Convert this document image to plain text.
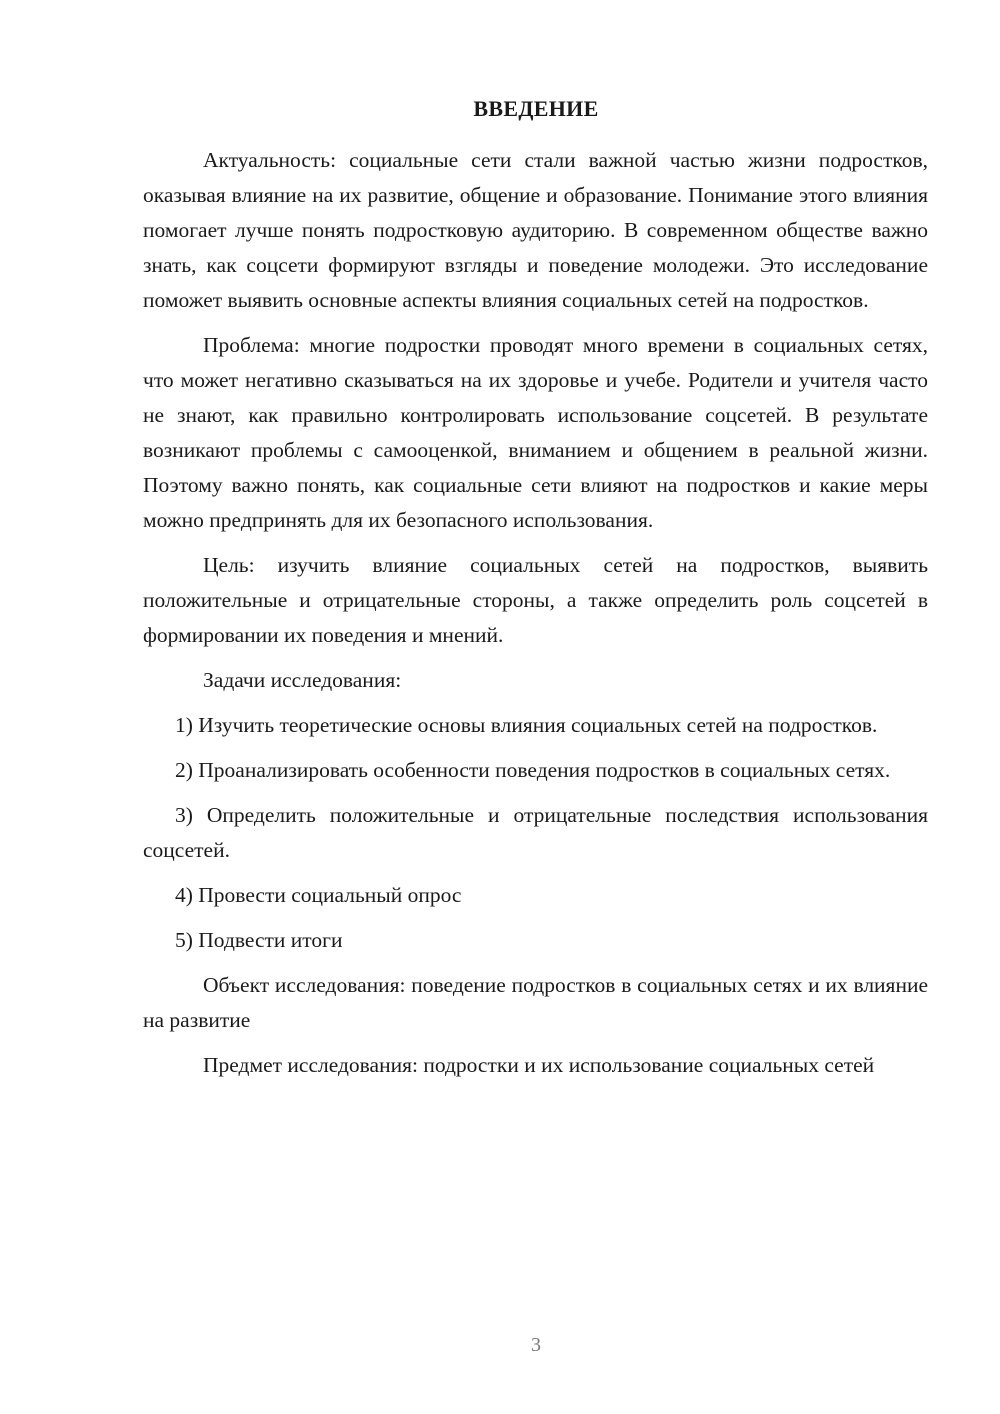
ВВЕДЕНИЕ

Актуальность: социальные сети стали важной частью жизни подростков, оказывая влияние на их развитие, общение и образование. Понимание этого влияния помогает лучше понять подростковую аудиторию. В современном обществе важно знать, как соцсети формируют взгляды и поведение молодежи. Это исследование поможет выявить основные аспекты влияния социальных сетей на подростков.

Проблема: многие подростки проводят много времени в социальных сетях, что может негативно сказываться на их здоровье и учебе. Родители и учителя часто не знают, как правильно контролировать использование соцсетей. В результате возникают проблемы с самооценкой, вниманием и общением в реальной жизни. Поэтому важно понять, как социальные сети влияют на подростков и какие меры можно предпринять для их безопасного использования.

Цель: изучить влияние социальных сетей на подростков, выявить положительные и отрицательные стороны, а также определить роль соцсетей в формировании их поведения и мнений.

Задачи исследования:

1) Изучить теоретические основы влияния социальных сетей на подростков.

2) Проанализировать особенности поведения подростков в социальных сетях.

3) Определить положительные и отрицательные последствия использования соцсетей.

4) Провести социальный опрос

5) Подвести итоги

Объект исследования: поведение подростков в социальных сетях и их влияние на развитие

Предмет исследования: подростки и их использование социальных сетей

3
